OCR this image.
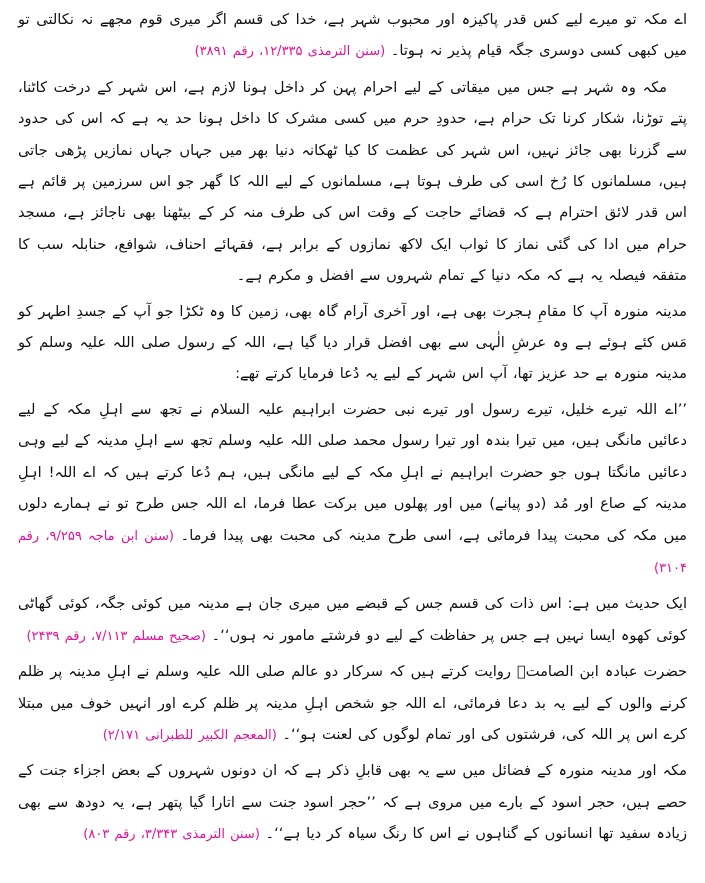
اے مکہ تو میرے لیے کس قدر پاکیزہ اور محبوب شہر ہے، خدا کی قسم اگر میری قوم مجھے نہ نکالتی تو میں کبھی کسی دوسری جگہ قیام پذیر نہ ہوتا۔ (سنن الترمذی ۱۲/۳۳۵، رقم ۳۸۹۱)

مکہ وہ شہر ہے جس میں میقاتی کے لیے احرام پہن کر داخل ہونا لازم ہے، اس شہر کے درخت کاٹنا، پتے توڑنا، شکار کرنا تک حرام ہے، حدودِ حرم میں کسی مشرک کا داخل ہونا حد یہ ہے کہ اس کی حدود سے گزرنا بھی جائز نہیں، اس شہر کی عظمت کا کیا ٹھکانہ دنیا بھر میں جہاں جہاں نمازیں پڑھی جاتی ہیں، مسلمانوں کا رُخ اسی کی طرف ہوتا ہے، مسلمانوں کے لیے اللہ کا گھر جو اس سرزمین پر قائم ہے اس قدر لائق احترام ہے کہ قضائے حاجت کے وقت اس کی طرف منہ کر کے بیٹھنا بھی ناجائز ہے، مسجد حرام میں ادا کی گئی نماز کا ثواب ایک لاکھ نمازوں کے برابر ہے، فقہائے احناف، شوافع، حنابلہ سب کا متفقہ فیصلہ یہ ہے کہ مکہ دنیا کے تمام شہروں سے افضل و مکرم ہے۔

مدینہ منورہ آپ کا مقامِ ہجرت بھی ہے، اور آخری آرام گاہ بھی، زمین کا وہ ٹکڑا جو آپ کے جسدِ اطہر کو مَس کئے ہوئے ہے وہ عرشِ الٰہی سے بھی افضل قرار دیا گیا ہے، اللہ کے رسول صلی اللہ علیہ وسلم کو مدینہ منورہ بے حد عزیز تھا، آپ اس شہر کے لیے یہ دُعا فرمایا کرتے تھے:

’’اے اللہ تیرے خلیل، تیرے رسول اور تیرے نبی حضرت ابراہیم علیہ السلام نے تجھ سے اہلِ مکہ کے لیے دعائیں مانگی ہیں، میں تیرا بندہ اور تیرا رسول محمد صلی اللہ علیہ وسلم تجھ سے اہلِ مدینہ کے لیے وہی دعائیں مانگتا ہوں جو حضرت ابراہیم نے اہلِ مکہ کے لیے مانگی ہیں، ہم دُعا کرتے ہیں کہ اے اللہ! اہلِ مدینہ کے صاع اور مُد (دو پیانے) میں اور پھلوں میں برکت عطا فرما، اے اللہ جس طرح تو نے ہمارے دلوں میں مکہ کی محبت پیدا فرمائی ہے، اسی طرح مدینہ کی محبت بھی پیدا فرما۔ (سنن ابن ماجہ ۹/۲۵۹، رقم ۳۱۰۴)

ایک حدیث میں ہے: اس ذات کی قسم جس کے قبضے میں میری جان ہے مدینہ میں کوئی جگہ، کوئی گھاٹی کوئی کھوہ ایسا نہیں ہے جس پر حفاظت کے لیے دو فرشتے مامور نہ ہوں‘‘۔ (صحیح مسلم ۷/۱۱۳، رقم ۲۴۳۹)

حضرت عبادہ ابن الصامتؓ روایت کرتے ہیں کہ سرکار دو عالم صلی اللہ علیہ وسلم نے اہلِ مدینہ پر ظلم کرنے والوں کے لیے یہ بد دعا فرمائی، اے اللہ جو شخص اہلِ مدینہ پر ظلم کرے اور انہیں خوف میں مبتلا کرے اس پر اللہ کی، فرشتوں کی اور تمام لوگوں کی لعنت ہو‘‘۔ (المعجم الکبیر للطبرانی ۲/۱۷۱)

مکہ اور مدینہ منورہ کے فضائل میں سے یہ بھی قابلِ ذکر ہے کہ ان دونوں شہروں کے بعض اجزاء جنت کے حصے ہیں، حجر اسود کے بارے میں مروی ہے کہ ’’حجر اسود جنت سے اتارا گیا پتھر ہے، یہ دودھ سے بھی زیادہ سفید تھا انسانوں کے گناہوں نے اس کا رنگ سیاہ کر دیا ہے‘‘۔ (سنن الترمذی ۳/۳۴۳، رقم ۸۰۳)
